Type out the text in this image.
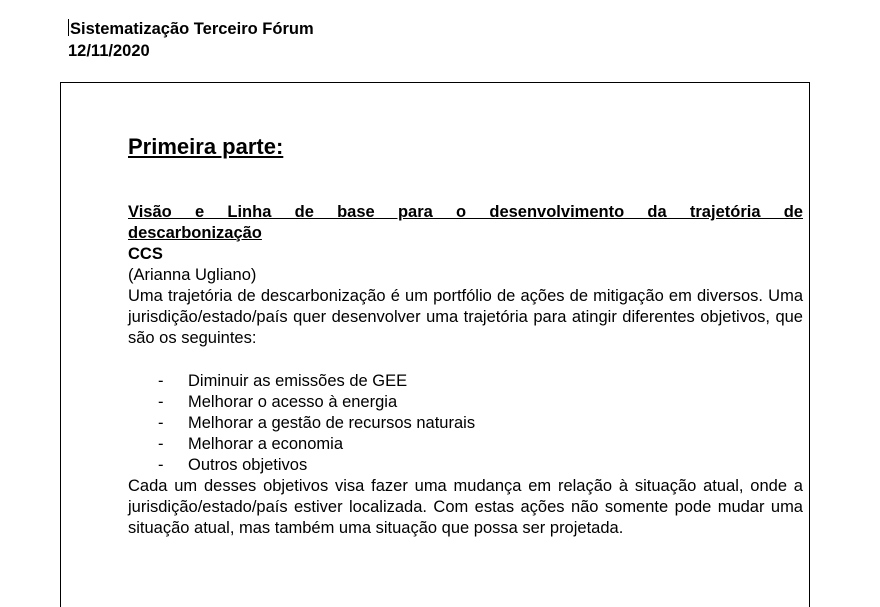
Sistematização Terceiro Fórum
12/11/2020
Primeira parte:
Visão e Linha de base para o desenvolvimento da trajetória de
descarbonização
CCS

(Arianna Ugliano)

Uma trajetória de descarbonização é um portfólio de ações de mitigação em diversos. Uma jurisdição/estado/país quer desenvolver uma trajetória para atingir diferentes objetivos, que são os seguintes:

- Diminuir as emissões de GEE
- Melhorar o acesso à energia
- Melhorar a gestão de recursos naturais
- Melhorar a economia
- Outros objetivos

Cada um desses objetivos visa fazer uma mudança em relação à situação atual, onde a jurisdição/estado/país estiver localizada. Com estas ações não somente pode mudar uma situação atual, mas também uma situação que possa ser projetada.
